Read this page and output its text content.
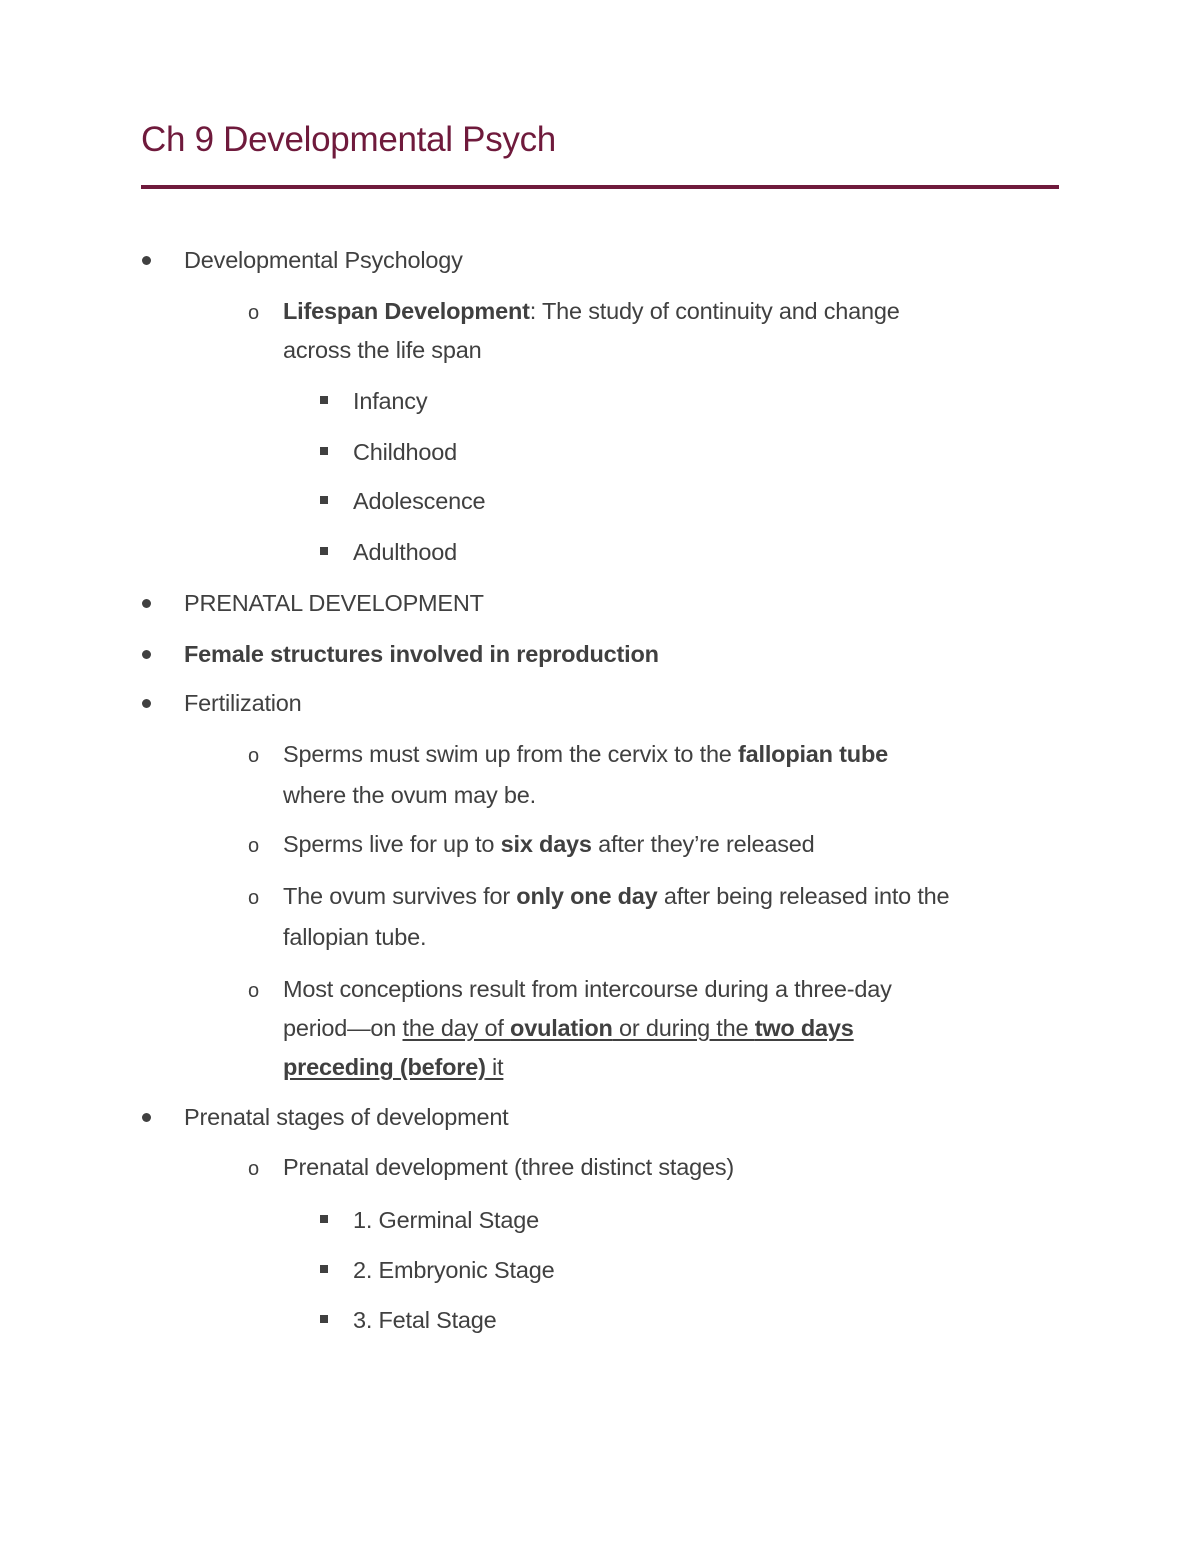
Ch 9 Developmental Psych
Developmental Psychology
o Lifespan Development: The study of continuity and change
across the life span
Infancy
Childhood
Adolescence
Adulthood
PRENATAL DEVELOPMENT
Female structures involved in reproduction
Fertilization
o Sperms must swim up from the cervix to the fallopian tube
where the ovum may be.
o Sperms live for up to six days after they’re released
o The ovum survives for only one day after being released into the
fallopian tube.
o Most conceptions result from intercourse during a three-day
period—on the day of ovulation or during the two days
preceding (before) it
Prenatal stages of development
o Prenatal development (three distinct stages)
1. Germinal Stage
2. Embryonic Stage
3. Fetal Stage
